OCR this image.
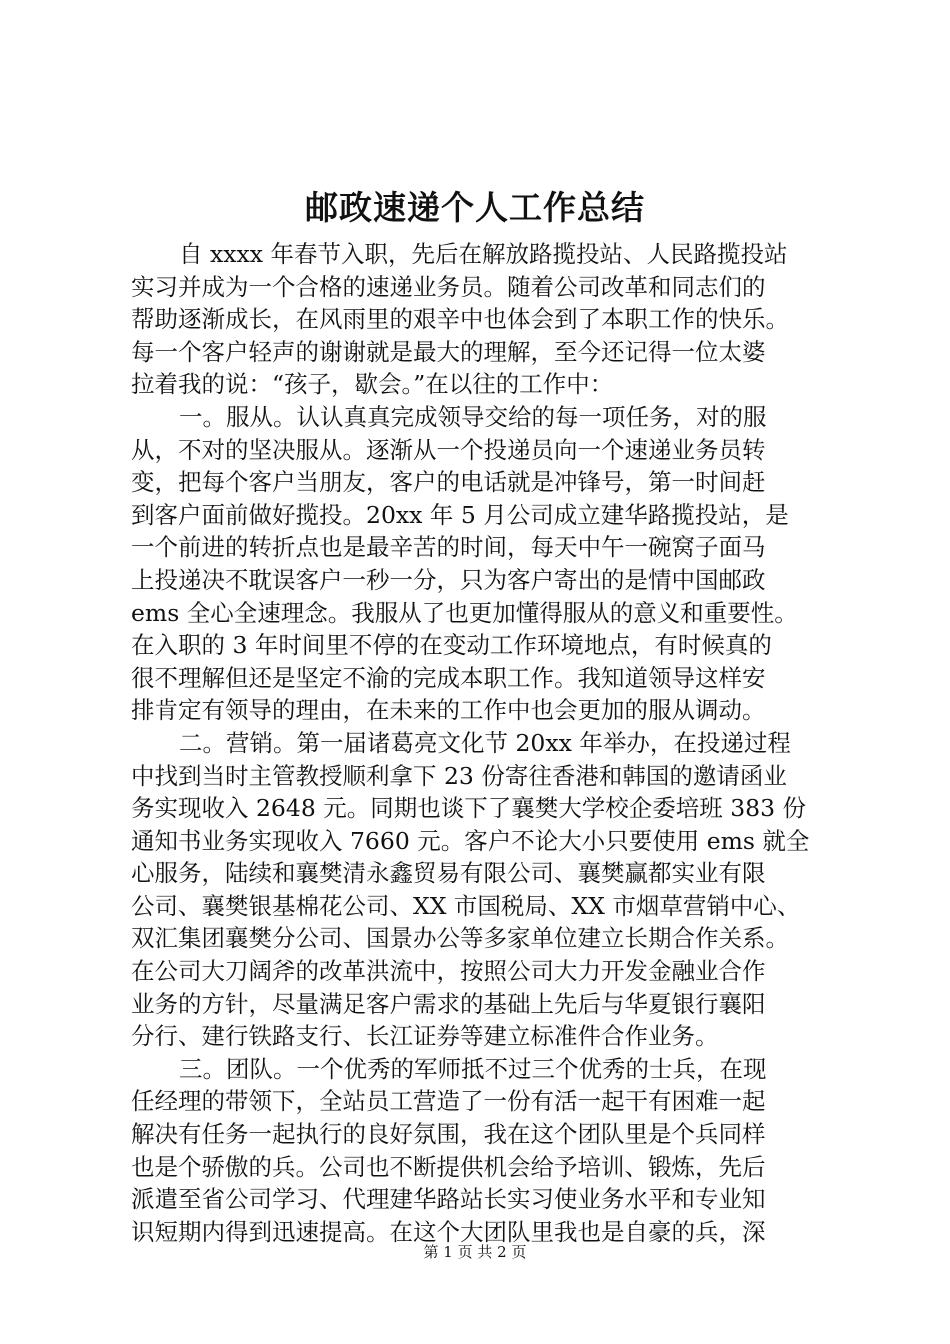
邮政速递个人工作总结
自 xxxx 年春节入职，先后在解放路揽投站、人民路揽投站
实习并成为一个合格的速递业务员。随着公司改革和同志们的
帮助逐渐成长，在风雨里的艰辛中也体会到了本职工作的快乐。
每一个客户轻声的谢谢就是最大的理解，至今还记得一位太婆
拉着我的说：“孩子，歇会。”在以往的工作中：
一。服从。认认真真完成领导交给的每一项任务，对的服
从，不对的坚决服从。逐渐从一个投递员向一个速递业务员转
变，把每个客户当朋友，客户的电话就是冲锋号，第一时间赶
到客户面前做好揽投。20xx 年 5 月公司成立建华路揽投站，是
一个前进的转折点也是最辛苦的时间，每天中午一碗窝子面马
上投递决不耽误客户一秒一分，只为客户寄出的是情中国邮政
ems 全心全速理念。我服从了也更加懂得服从的意义和重要性。
在入职的 3 年时间里不停的在变动工作环境地点，有时候真的
很不理解但还是坚定不渝的完成本职工作。我知道领导这样安
排肯定有领导的理由，在未来的工作中也会更加的服从调动。
二。营销。第一届诸葛亮文化节 20xx 年举办，在投递过程
中找到当时主管教授顺利拿下 23 份寄往香港和韩国的邀请函业
务实现收入 2648 元。同期也谈下了襄樊大学校企委培班 383 份
通知书业务实现收入 7660 元。客户不论大小只要使用 ems 就全
心服务，陆续和襄樊清永鑫贸易有限公司、襄樊赢都实业有限
公司、襄樊银基棉花公司、XX 市国税局、XX 市烟草营销中心、
双汇集团襄樊分公司、国景办公等多家单位建立长期合作关系。
在公司大刀阔斧的改革洪流中，按照公司大力开发金融业合作
业务的方针，尽量满足客户需求的基础上先后与华夏银行襄阳
分行、建行铁路支行、长江证券等建立标准件合作业务。
三。团队。一个优秀的军师抵不过三个优秀的士兵，在现
任经理的带领下，全站员工营造了一份有活一起干有困难一起
解决有任务一起执行的良好氛围，我在这个团队里是个兵同样
也是个骄傲的兵。公司也不断提供机会给予培训、锻炼，先后
派遣至省公司学习、代理建华路站长实习使业务水平和专业知
识短期内得到迅速提高。在这个大团队里我也是自豪的兵，深
第 1 页 共 2 页
